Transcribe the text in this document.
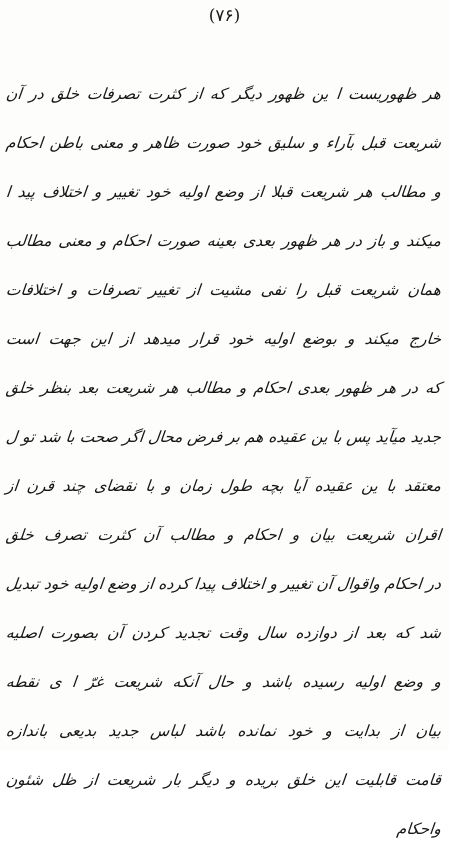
(۷۶)
هر ظهوریست ا ین ظهور دیگر که از کثرت تصرفات خلق در آن
شریعت قبل بآراء و سلیق خود صورت ظاهر و معنی باطن احکام
و مطالب هر شریعت قبلا از وضع اولیه خود تغییر و اختلاف پید ا
میکند و باز در هر ظهور بعدی بعینه صورت احکام و معنی مطالب
همان شریعت قبل را نفی مشیت از تغییر تصرفات و اختلافات
خارج میکند و بوضع اولیه خود قرار میدهد از این جهت است
که در هر ظهور بعدی احکام و مطالب هر شریعت بعد بنظر خلق
جدید میآید پس با ین عقیده هم بر فرض محال اگر صحت با شد تو ل
معتقد با ین عقیده آیا بچه طول زمان و با نقضای چند قرن از
اقران شریعت بیان و احکام و مطالب آن کثرت تصرف خلق
در احکام واقوال آن تغییر و اختلاف پیدا کرده از وضع اولیه خود تبدیل
شد که بعد از دوازده سال وقت تجدید کردن آن بصورت اصلیه
و وضع اولیه رسیده باشد و حال آنکه شریعت غرّ ا ی نقطه
بیان از بدایت و خود نمانده باشد لباس جدید بدیعی باندازه
قامت قابلیت این خلق بریده و دیگر بار شریعت از ظل شئون
واحکام
